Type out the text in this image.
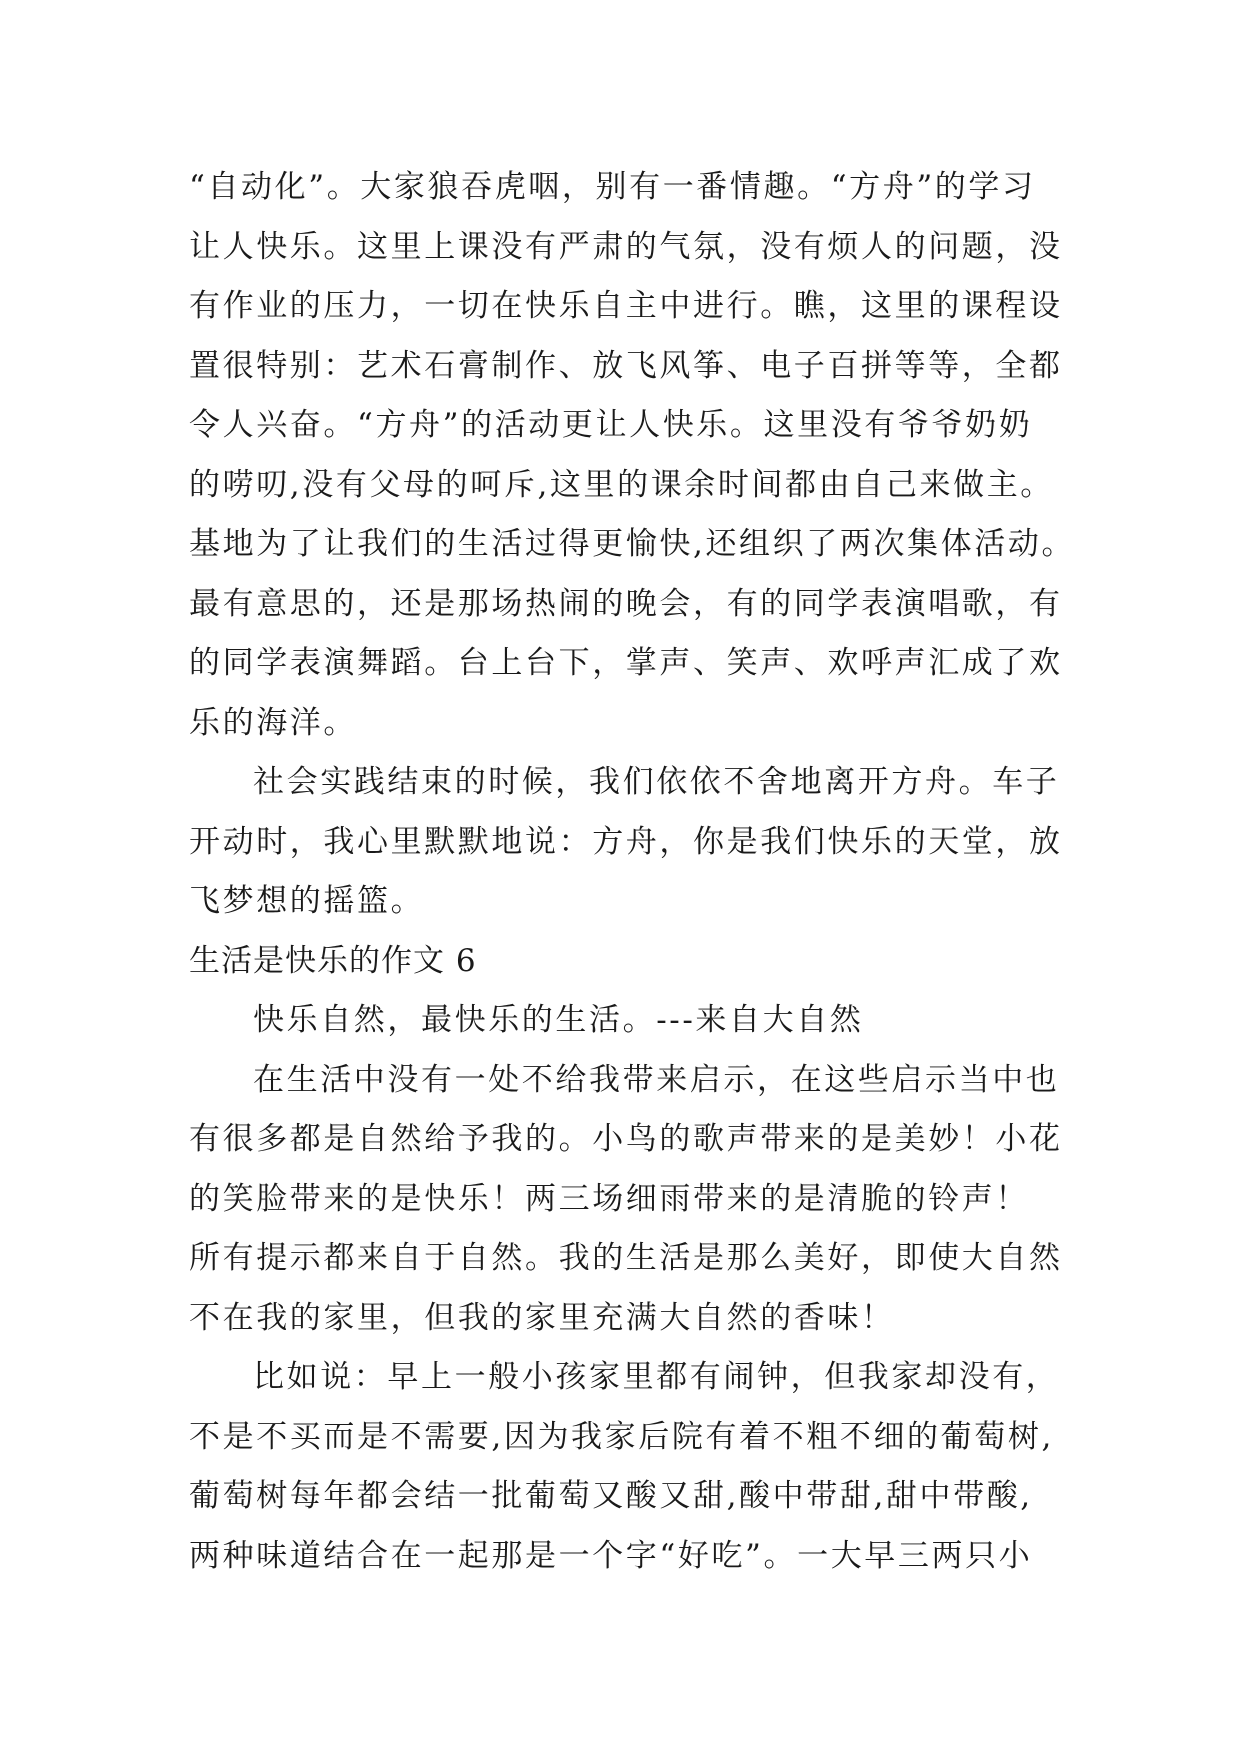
“自动化”。大家狼吞虎咽，别有一番情趣。“方舟”的学习
让人快乐。这里上课没有严肃的气氛，没有烦人的问题，没
有作业的压力，一切在快乐自主中进行。瞧，这里的课程设
置很特别：艺术石膏制作、放飞风筝、电子百拼等等，全都
令人兴奋。“方舟”的活动更让人快乐。这里没有爷爷奶奶
的唠叨,没有父母的呵斥,这里的课余时间都由自己来做主。
基地为了让我们的生活过得更愉快,还组织了两次集体活动。
最有意思的，还是那场热闹的晚会，有的同学表演唱歌，有
的同学表演舞蹈。台上台下，掌声、笑声、欢呼声汇成了欢
乐的海洋。
社会实践结束的时候，我们依依不舍地离开方舟。车子
开动时，我心里默默地说：方舟，你是我们快乐的天堂，放
飞梦想的摇篮。
生活是快乐的作文 6
快乐自然，最快乐的生活。---来自大自然
在生活中没有一处不给我带来启示，在这些启示当中也
有很多都是自然给予我的。小鸟的歌声带来的是美妙！小花
的笑脸带来的是快乐！两三场细雨带来的是清脆的铃声！
所有提示都来自于自然。我的生活是那么美好，即使大自然
不在我的家里，但我的家里充满大自然的香味！
比如说：早上一般小孩家里都有闹钟，但我家却没有，
不是不买而是不需要,因为我家后院有着不粗不细的葡萄树,
葡萄树每年都会结一批葡萄又酸又甜,酸中带甜,甜中带酸,
两种味道结合在一起那是一个字“好吃”。一大早三两只小
